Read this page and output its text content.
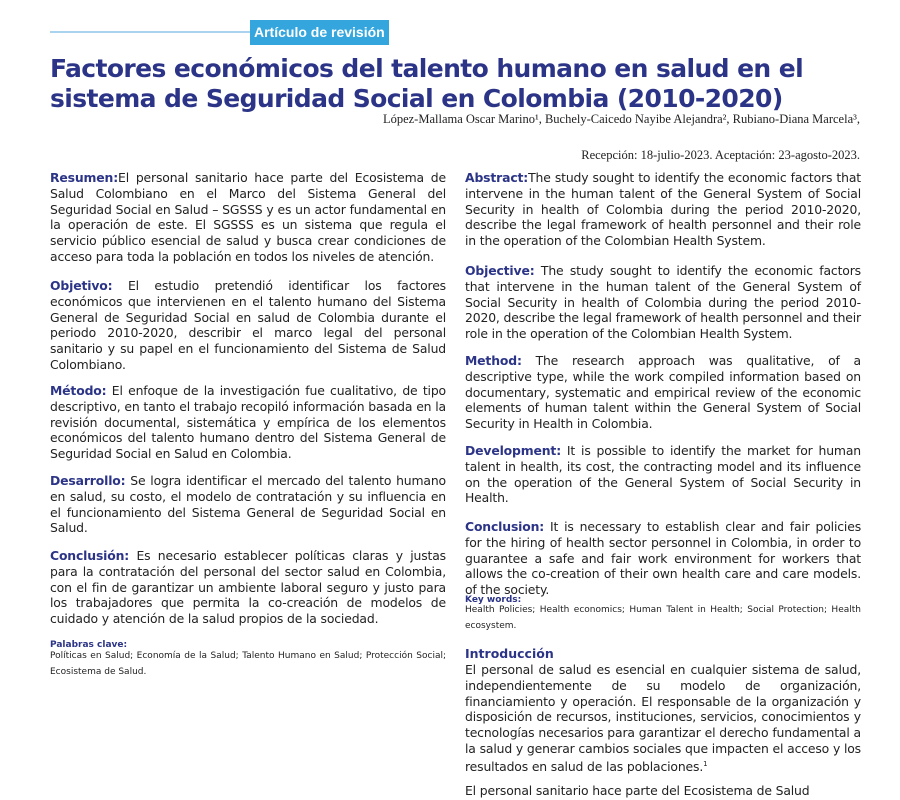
Artículo de revisión
Factores económicos del talento humano en salud en el sistema de Seguridad Social en Colombia (2010-2020)
López-Mallama Oscar Marino¹, Buchely-Caicedo Nayibe Alejandra², Rubiano-Diana Marcela³,
Recepción: 18-julio-2023. Aceptación: 23-agosto-2023.

Resumen:El personal sanitario hace parte del Ecosistema de Salud Colombiano en el Marco del Sistema General del Seguridad Social en Salud – SGSSS y es un actor fundamental en la operación de este. El SGSSS es un sistema que regula el servicio público esencial de salud y busca crear condiciones de acceso para toda la población en todos los niveles de atención.

Objetivo: El estudio pretendió identificar los factores económicos que intervienen en el talento humano del Sistema General de Seguridad Social en salud de Colombia durante el periodo 2010-2020, describir el marco legal del personal sanitario y su papel en el funcionamiento del Sistema de Salud Colombiano.

Método: El enfoque de la investigación fue cualitativo, de tipo descriptivo, en tanto el trabajo recopiló información basada en la revisión documental, sistemática y empírica de los elementos económicos del talento humano dentro del Sistema General de Seguridad Social en Salud en Colombia.

Desarrollo: Se logra identificar el mercado del talento humano en salud, su costo, el modelo de contratación y su influencia en el funcionamiento del Sistema General de Seguridad Social en Salud.

Conclusión: Es necesario establecer políticas claras y justas para la contratación del personal del sector salud en Colombia, con el fin de garantizar un ambiente laboral seguro y justo para los trabajadores que permita la co-creación de modelos de cuidado y atención de la salud propios de la sociedad.

Palabras clave:

Políticas en Salud; Economía de la Salud; Talento Humano en Salud; Protección Social; Ecosistema de Salud.

Abstract:The study sought to identify the economic factors that intervene in the human talent of the General System of Social Security in health of Colombia during the period 2010-2020, describe the legal framework of health personnel and their role in the operation of the Colombian Health System.

Objective: The study sought to identify the economic factors that intervene in the human talent of the General System of Social Security in health of Colombia during the period 2010-2020, describe the legal framework of health personnel and their role in the operation of the Colombian Health System.

Method: The research approach was qualitative, of a descriptive type, while the work compiled information based on documentary, systematic and empirical review of the economic elements of human talent within the General System of Social Security in Health in Colombia.

Development: It is possible to identify the market for human talent in health, its cost, the contracting model and its influence on the operation of the General System of Social Security in Health.

Conclusion: It is necessary to establish clear and fair policies for the hiring of health sector personnel in Colombia, in order to guarantee a safe and fair work environment for workers that allows the co-creation of their own health care and care models. of the society.

Key words:

Health Policies; Health economics; Human Talent in Health; Social Protection; Health ecosystem.

Introducción

El personal de salud es esencial en cualquier sistema de salud, independientemente de su modelo de organización, financiamiento y operación. El responsable de la organización y disposición de recursos, instituciones, servicios, conocimientos y tecnologías necesarios para garantizar el derecho fundamental a la salud y generar cambios sociales que impacten el acceso y los resultados en salud de las poblaciones.$^1$

El personal sanitario hace parte del Ecosistema de Salud
